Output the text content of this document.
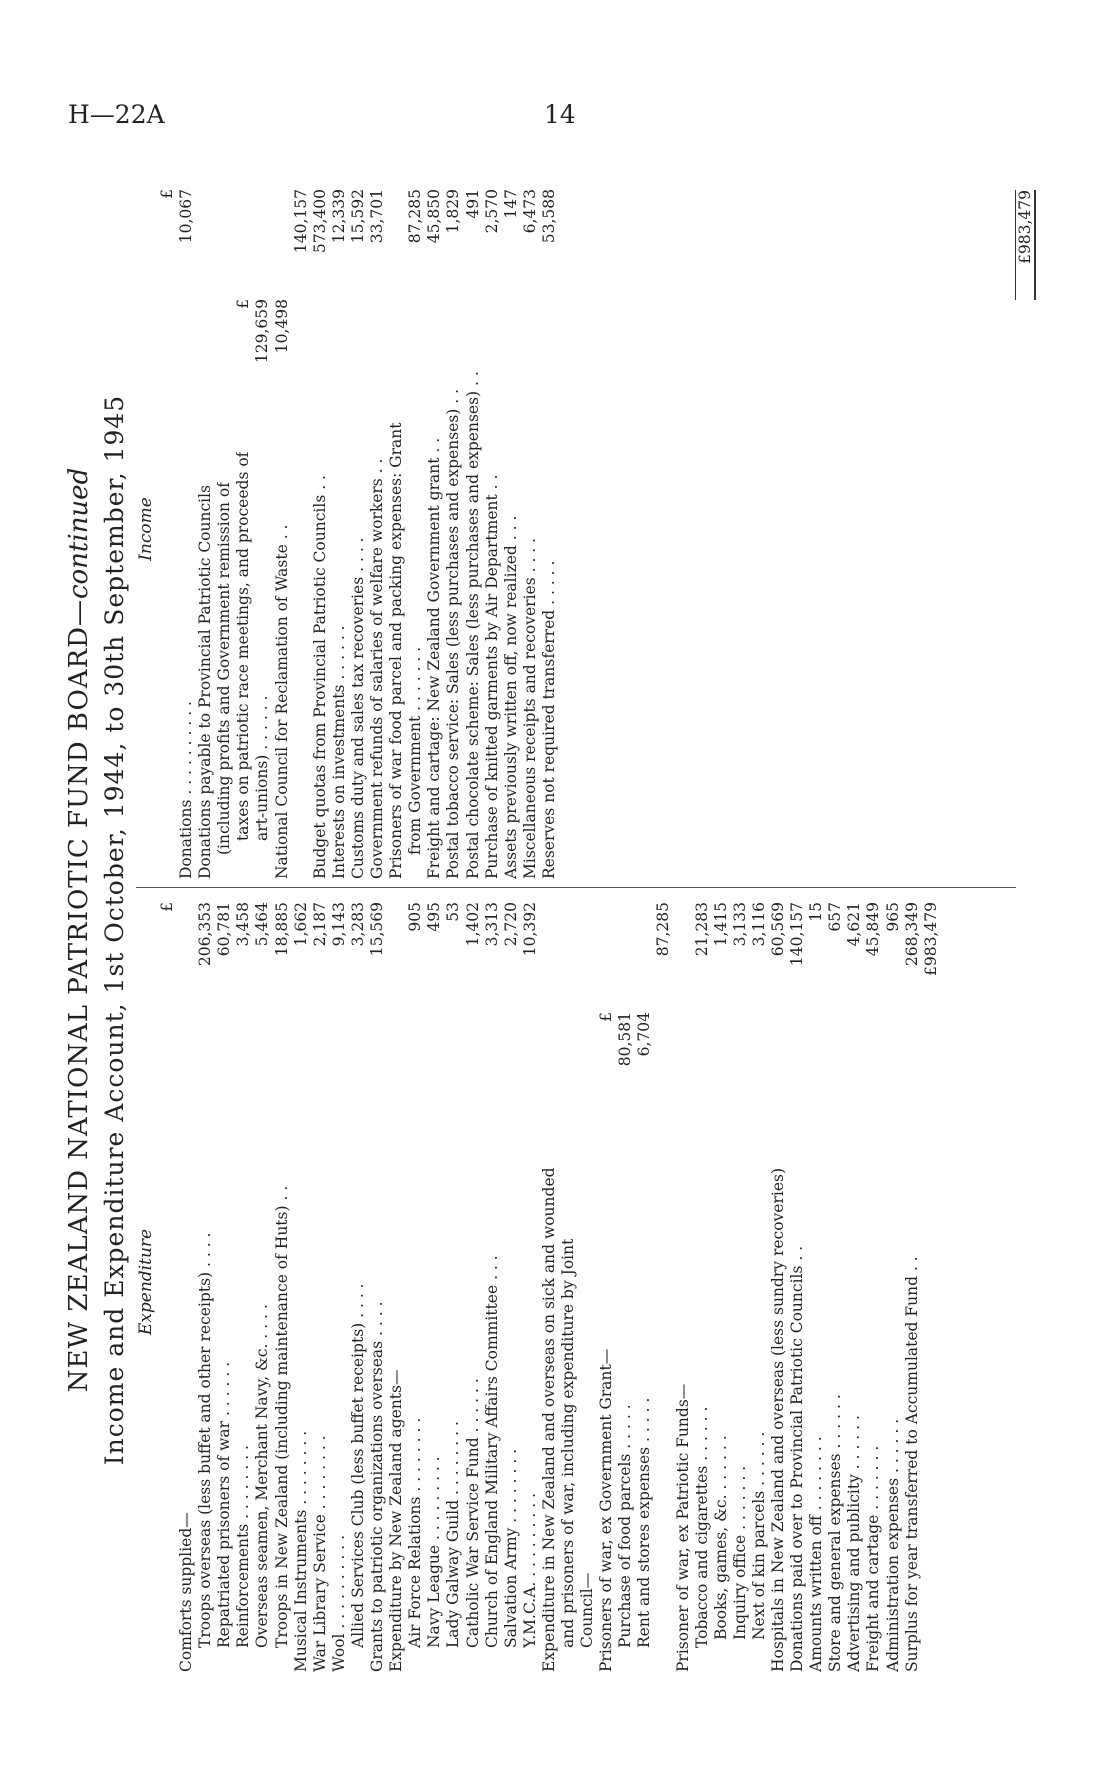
H—22A	14
NEW ZEALAND NATIONAL PATRIOTIC FUND BOARD—continued Income and Expenditure Account, 1st October, 1944, to 30th September, 1945 Expenditure
£
Comforts supplied— Troops overseas (less buffet and other receipts) . . . .
206,353
Repatriated prisoners of war . . . . . .
60,781
Reinforcements . . . . . . . .
3,458
Overseas seamen, Merchant Navy, &c. . . . .
5,464
Troops in New Zealand (including maintenance of Huts) . .
18,885
Musical Instruments . . . . . . . .
1,662
War Library Service . . . . . . . .
2,187
Wool . . . . . . . . . .
9,143
Allied Services Club (less buffet receipts) . . . .
3,283
Grants to patriotic organizations overseas . . . .
15,569
Expenditure by New Zealand agents— Air Force Relations . . . . . . . .
905
Navy League . . . . . . . . .
495
Lady Galway Guild . . . . . . . .
53
Catholic War Service Fund . . . . . .
1,402
Church of England Military Affairs Committee . . .
3,313
Salvation Army . . . . . . . .
2,720
Y.M.C.A. . . . . . . . . .
10,392
Expenditure in New Zealand and overseas on sick and wounded and prisoners of war, including expenditure by Joint Council— Prisoners of war, ex Government Grant—
£
Purchase of food parcels . . . . .
80,581
Rent and stores expenses . . . . .
6,704
87,285
Prisoner of war, ex Patriotic Funds— Tobacco and cigarettes . . . . . .
21,283
Books, games, &c. . . . . . .
1,415
Inquiry office . . . . . . .
3,133
Next of kin parcels . . . . . .
3,116
Hospitals in New Zealand and overseas (less sundry recoveries)
60,569
Donations paid over to Provincial Patriotic Councils . .
140,157
Amounts written off . . . . . . . .
15
Store and general expenses . . . . . .
657
Advertising and publicity . . . . . .
4,621
Freight and cartage . . . . . . .
45,849
Administration expenses . . . . . .
965
Surplus for year transferred to Accumulated Fund . .
268,349 £983,479
Income
£
Donations . . . . . . . . . .
10,067
Donations payable to Provincial Patriotic Councils (including profits and Government remission of taxes on patriotic race meetings, and proceeds of
£
art-unions) . . . . . .
129,659
National Council for Reclamation of Waste . .
10,498
140,157
Budget quotas from Provincial Patriotic Councils . .
573,400
Interests on investments . . . . . .
12,339
Customs duty and sales tax recoveries . . . .
15,592
Government refunds of salaries of welfare workers . .
33,701
Prisoners of war food parcel and packing expenses: Grant from Government . . . . . . .
87,285
Freight and cartage: New Zealand Government grant . .
45,850
Postal tobacco service: Sales (less purchases and expenses) . .
1,829
Postal chocolate scheme: Sales (less purchases and expenses) . .
491
Purchase of knitted garments by Air Department . .
2,570
Assets previously written off, now realized . . .
147
Miscellaneous receipts and recoveries . . . .
6,473
Reserves not required transferred . . . . .
53,588	£983,479
